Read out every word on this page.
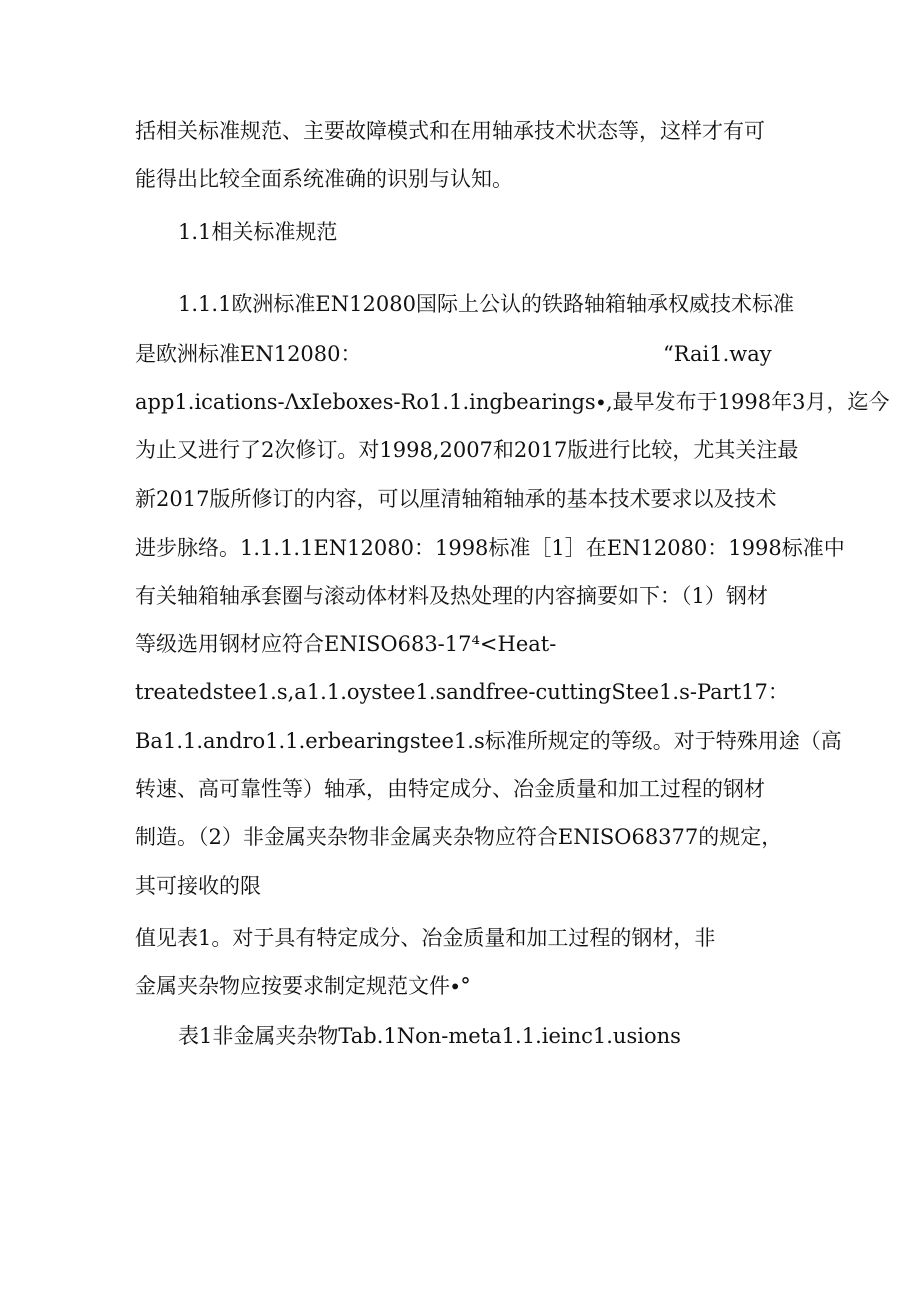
括相关标准规范、主要故障模式和在用轴承技术状态等，这样才有可

能得出比较全面系统准确的识别与认知。

1.1相关标准规范

1.1.1欧洲标准EN12080国际上公认的铁路轴箱轴承权威技术标准

是欧洲标准EN12080：	“Rai1.way

app1.ications-ΛxIeboxes-Ro1.1.ingbearings∙,最早发布于1998年3月，迄今

为止又进行了2次修订。对1998,2007和2017版进行比较，尤其关注最

新2017版所修订的内容，可以厘清轴箱轴承的基本技术要求以及技术

进步脉络。1.1.1.1EN12080：1998标准［1］在EN12080：1998标准中

有关轴箱轴承套圈与滚动体材料及热处理的内容摘要如下：（1）钢材

等级选用钢材应符合ENISO683-17⁴<Heat-

treatedstee1.s,a1.1.oystee1.sandfree-cuttingStee1.s-Part17：

Ba1.1.andro1.1.erbearingstee1.s标准所规定的等级。对于特殊用途（高

转速、高可靠性等）轴承，由特定成分、冶金质量和加工过程的钢材

制造。（2）非金属夹杂物非金属夹杂物应符合ENISO68377的规定，

其可接收的限

值见表1。对于具有特定成分、冶金质量和加工过程的钢材，非

金属夹杂物应按要求制定规范文件∙°

表1非金属夹杂物Tab.1Non-meta1.1.ieinc1.usions
